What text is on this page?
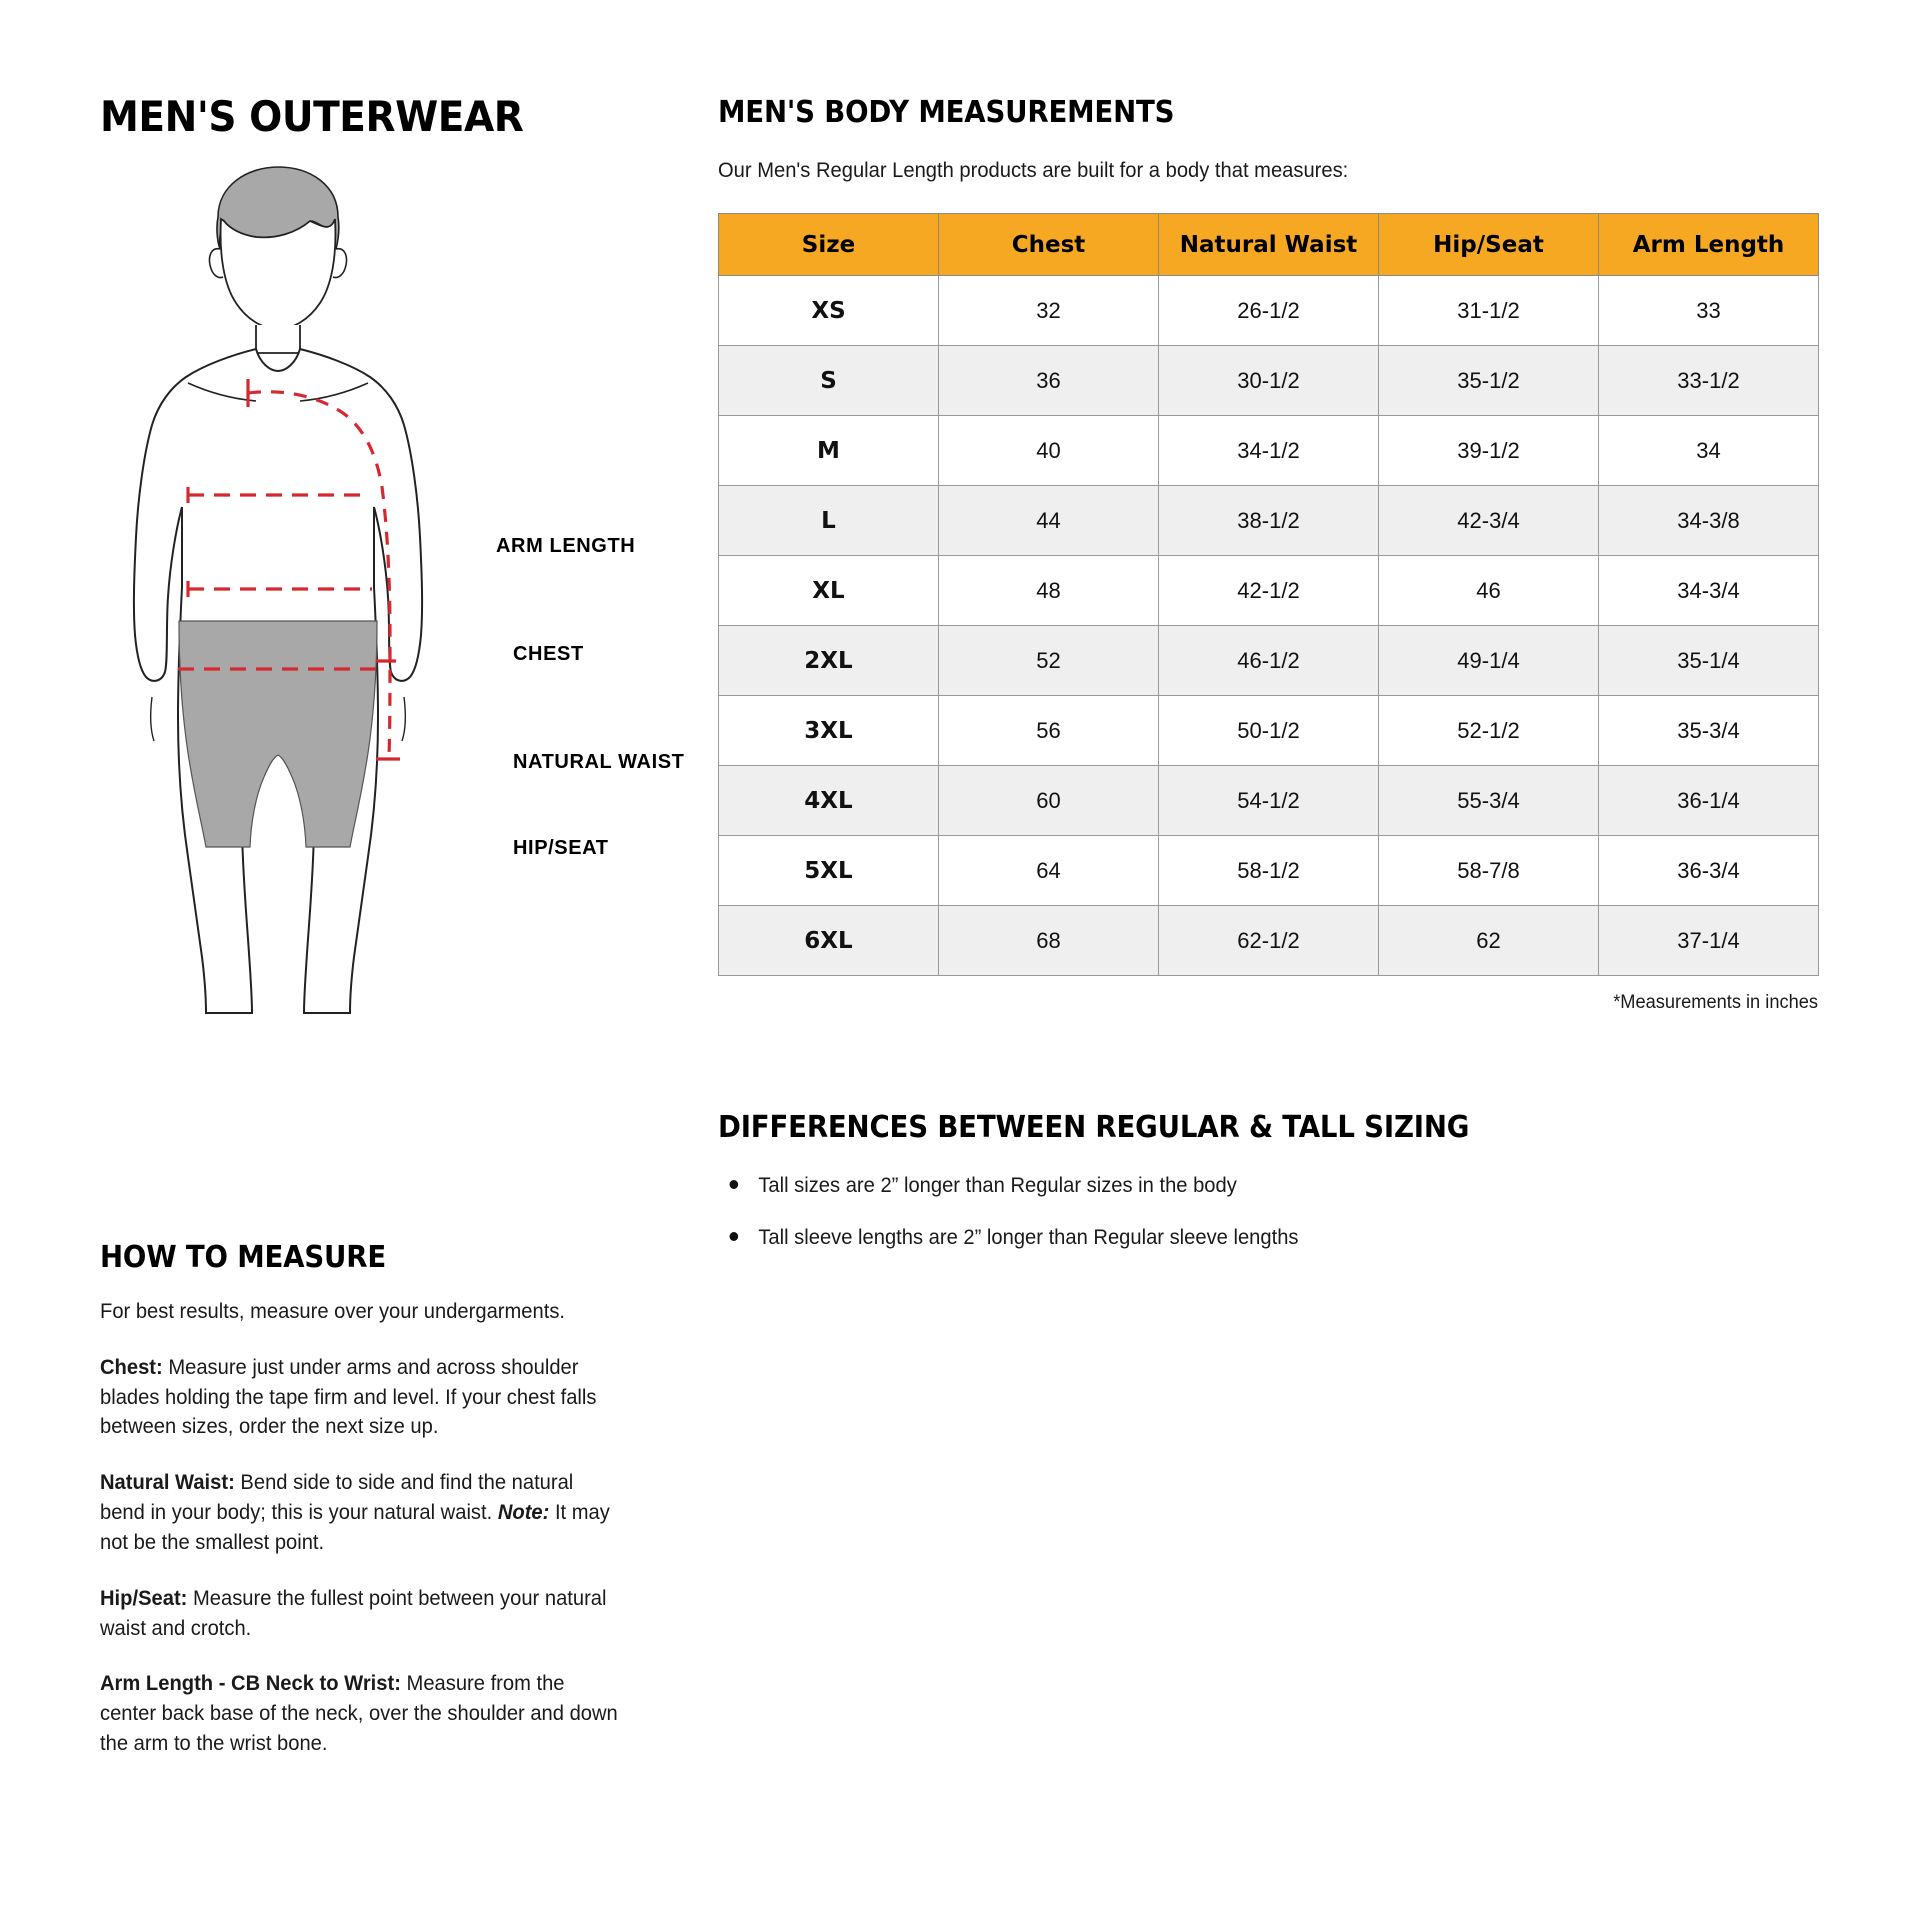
MEN'S OUTERWEAR
ARM LENGTH
CHEST
NATURAL WAIST
HIP/SEAT
HOW TO MEASURE

For best results, measure over your undergarments.

Chest: Measure just under arms and across shoulder blades holding the tape firm and level. If your chest falls between sizes, order the next size up.

Natural Waist: Bend side to side and find the natural bend in your body; this is your natural waist. Note: It may not be the smallest point.

Hip/Seat: Measure the fullest point between your natural waist and crotch.

Arm Length - CB Neck to Wrist: Measure from the center back base of the neck, over the shoulder and down the arm to the wrist bone.

MEN'S BODY MEASUREMENTS

Our Men's Regular Length products are built for a body that measures:

Size	Chest	Natural Waist	Hip/Seat	Arm Length
XS	32	26-1/2	31-1/2	33
S	36	30-1/2	35-1/2	33-1/2
M	40	34-1/2	39-1/2	34
L	44	38-1/2	42-3/4	34-3/8
XL	48	42-1/2	46	34-3/4
2XL	52	46-1/2	49-1/4	35-1/4
3XL	56	50-1/2	52-1/2	35-3/4
4XL	60	54-1/2	55-3/4	36-1/4
5XL	64	58-1/2	58-7/8	36-3/4
6XL	68	62-1/2	62	37-1/4
*Measurements in inches
DIFFERENCES BETWEEN REGULAR & TALL SIZING
Tall sizes are 2” longer than Regular sizes in the body
Tall sleeve lengths are 2” longer than Regular sleeve lengths
